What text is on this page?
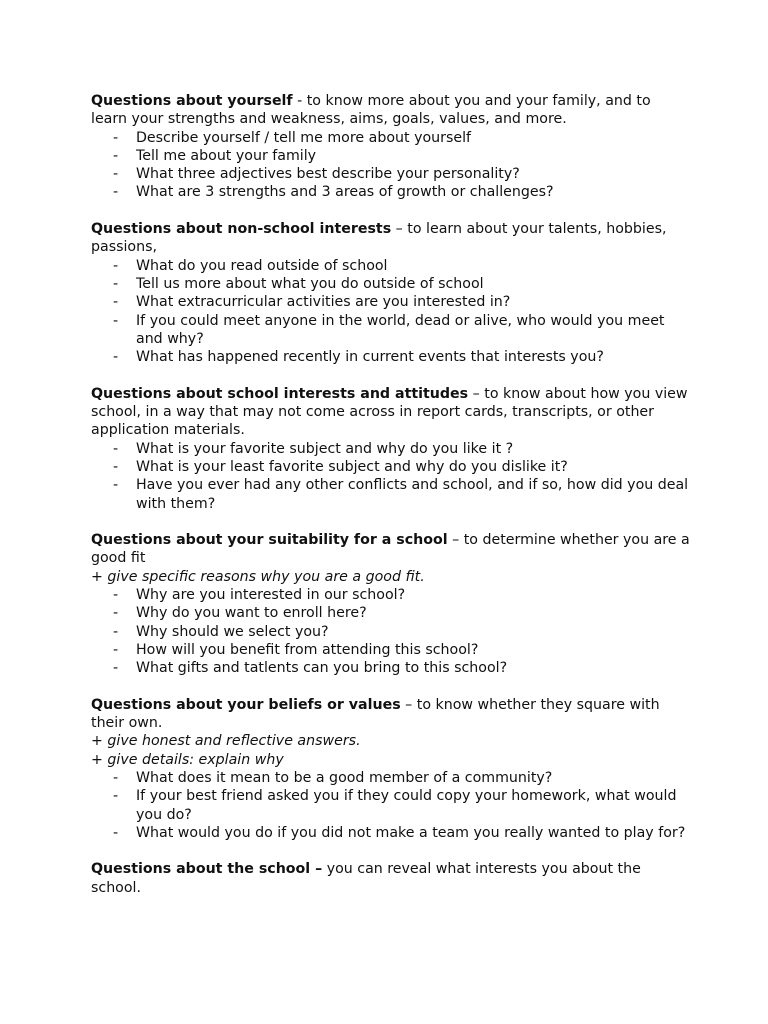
Questions about yourself - to know more about you and your family, and to learn your strengths and weakness, aims, goals, values, and more.

- Describe yourself / tell me more about yourself
- Tell me about your family
- What three adjectives best describe your personality?
- What are 3 strengths and 3 areas of growth or challenges?

Questions about non-school interests – to learn about your talents, hobbies, passions,

- What do you read outside of school
- Tell us more about what you do outside of school
- What extracurricular activities are you interested in?
- If you could meet anyone in the world, dead or alive, who would you meet and why?
- What has happened recently in current events that interests you?

Questions about school interests and attitudes – to know about how you view school, in a way that may not come across in report cards, transcripts, or other application materials.

- What is your favorite subject and why do you like it ?
- What is your least favorite subject and why do you dislike it?
- Have you ever had any other conflicts and school, and if so, how did you deal with them?

Questions about your suitability for a school – to determine whether you are a good fit

+ give specific reasons why you are a good fit.

- Why are you interested in our school?
- Why do you want to enroll here?
- Why should we select you?
- How will you benefit from attending this school?
- What gifts and tatlents can you bring to this school?

Questions about your beliefs or values – to know whether they square with their own.

+ give honest and reflective answers.

+ give details: explain why

- What does it mean to be a good member of a community?
- If your best friend asked you if they could copy your homework, what would you do?
- What would you do if you did not make a team you really wanted to play for?

Questions about the school – you can reveal what interests you about the school.
